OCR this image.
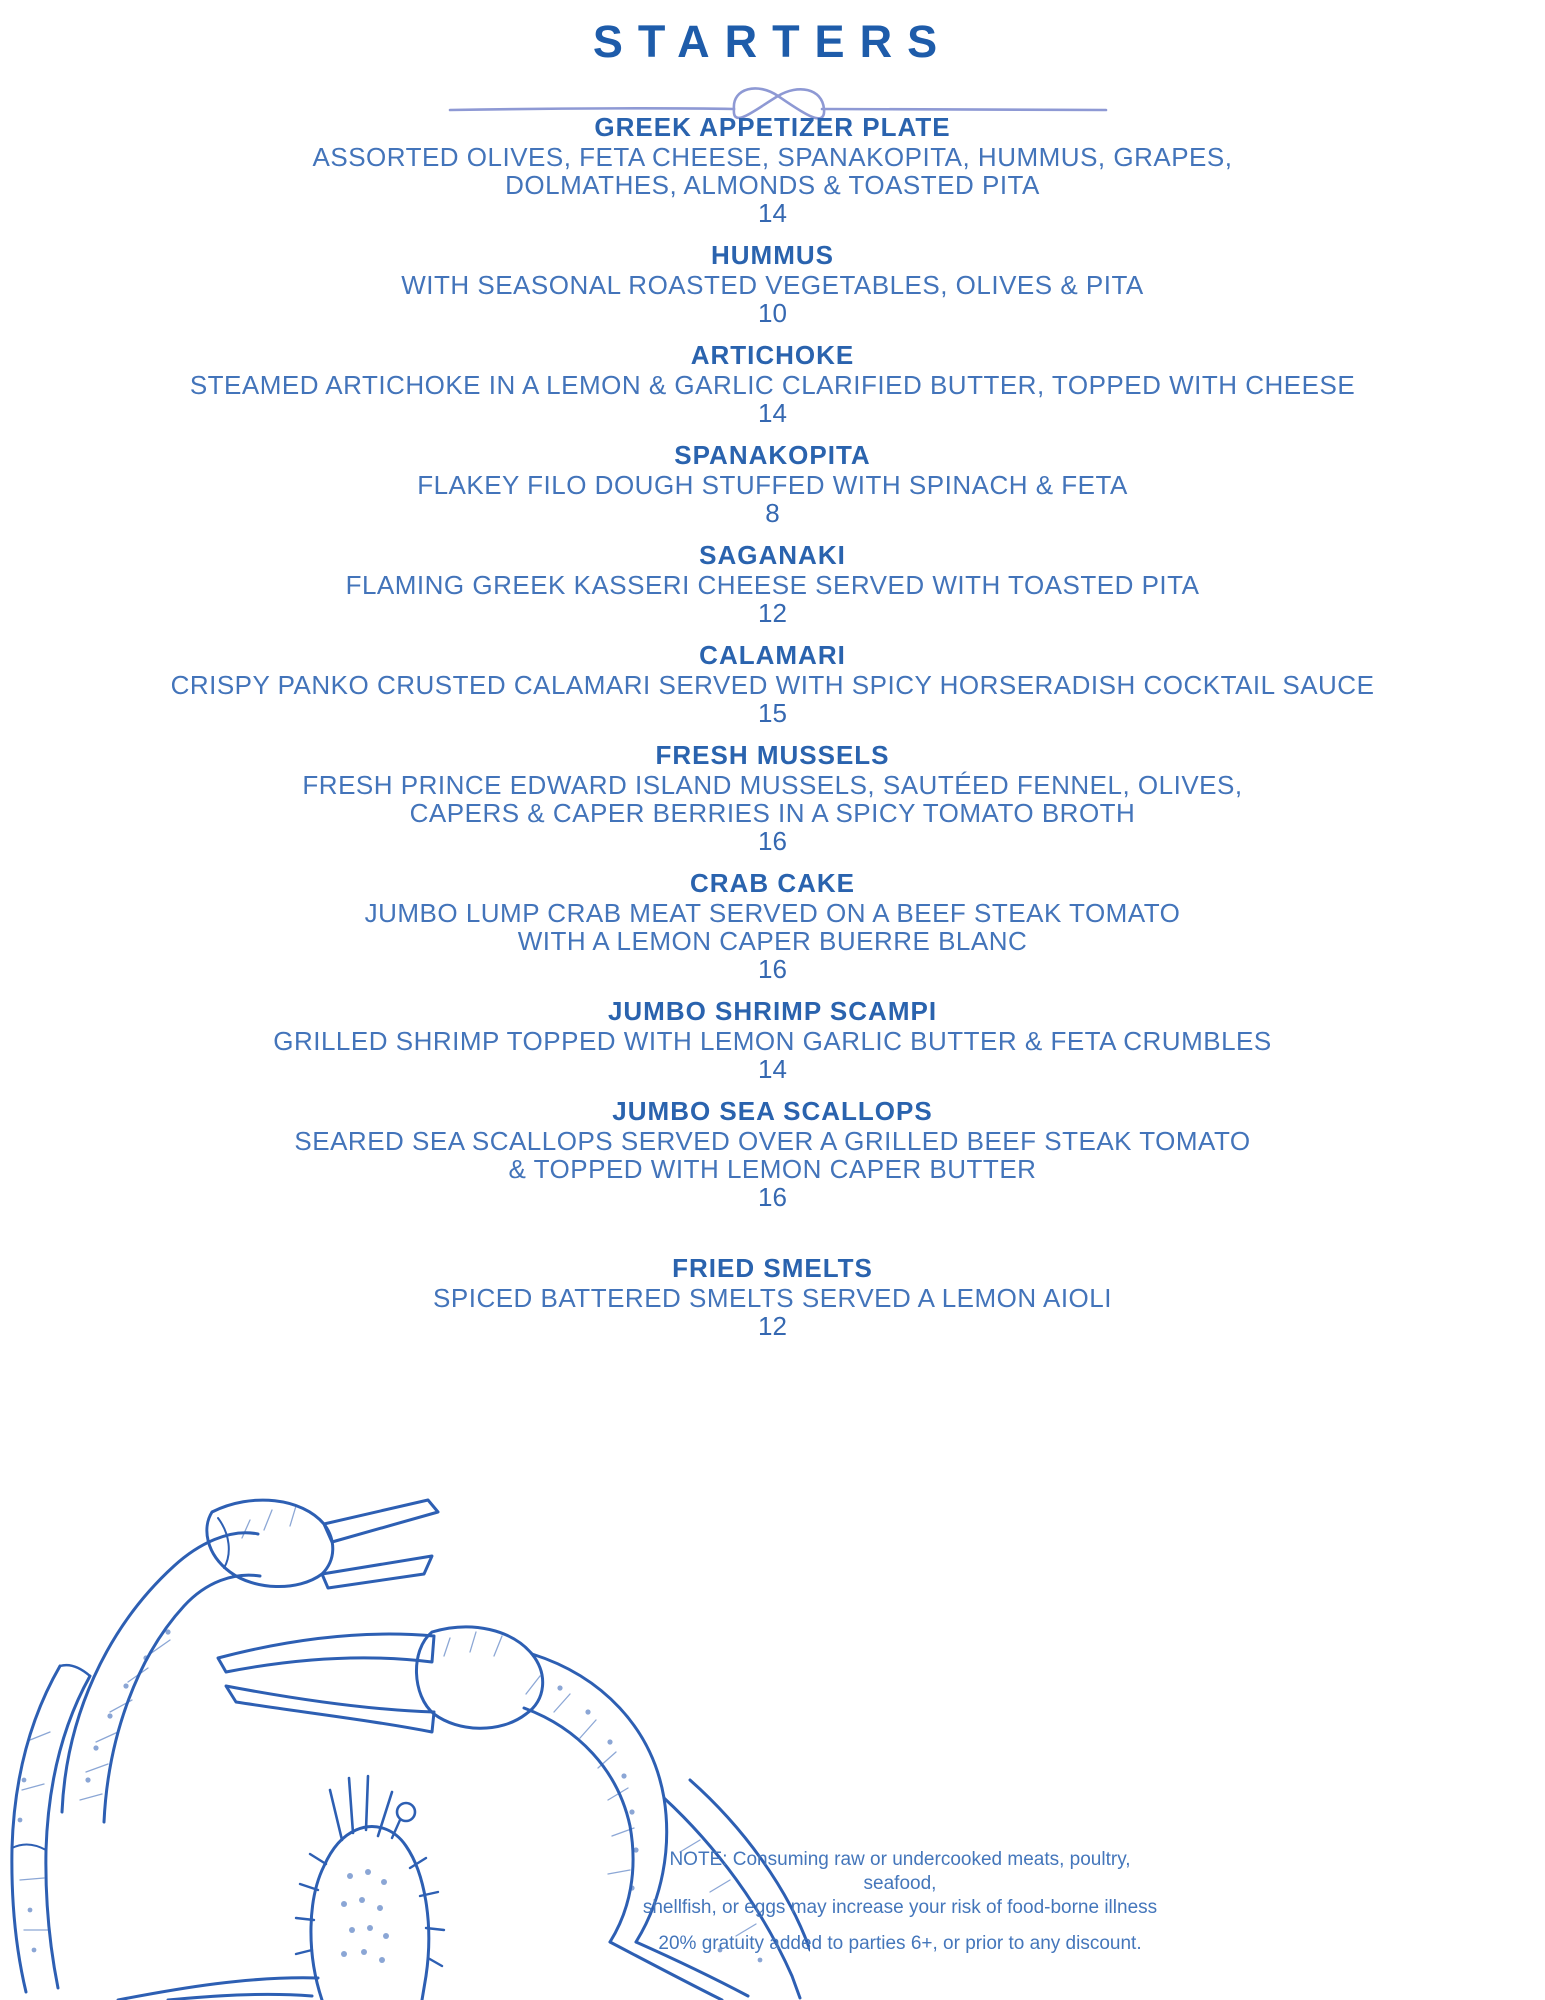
STARTERS
GREEK APPETIZER PLATE
ASSORTED OLIVES, FETA CHEESE, SPANAKOPITA, HUMMUS, GRAPES,
DOLMATHES, ALMONDS & TOASTED PITA
14
HUMMUS
WITH SEASONAL ROASTED VEGETABLES, OLIVES & PITA
10
ARTICHOKE
STEAMED ARTICHOKE IN A LEMON & GARLIC CLARIFIED BUTTER, TOPPED WITH CHEESE
14
SPANAKOPITA
FLAKEY FILO DOUGH STUFFED WITH SPINACH & FETA
8
SAGANAKI
FLAMING GREEK KASSERI CHEESE SERVED WITH TOASTED PITA
12
CALAMARI
CRISPY PANKO CRUSTED CALAMARI SERVED WITH SPICY HORSERADISH COCKTAIL SAUCE
15
FRESH MUSSELS
FRESH PRINCE EDWARD ISLAND MUSSELS, SAUTÉED FENNEL, OLIVES,
CAPERS & CAPER BERRIES IN A SPICY TOMATO BROTH
16
CRAB CAKE
JUMBO LUMP CRAB MEAT SERVED ON A BEEF STEAK TOMATO
WITH A LEMON CAPER BUERRE BLANC
16
JUMBO SHRIMP SCAMPI
GRILLED SHRIMP TOPPED WITH LEMON GARLIC BUTTER & FETA CRUMBLES
14
JUMBO SEA SCALLOPS
SEARED SEA SCALLOPS SERVED OVER A GRILLED BEEF STEAK TOMATO
& TOPPED WITH LEMON CAPER BUTTER
16
FRIED SMELTS
SPICED BATTERED SMELTS SERVED A LEMON AIOLI
12
NOTE: Consuming raw or undercooked meats, poultry, seafood,
shellfish, or eggs may increase your risk of food-borne illness
20% gratuity added to parties 6+, or prior to any discount.
